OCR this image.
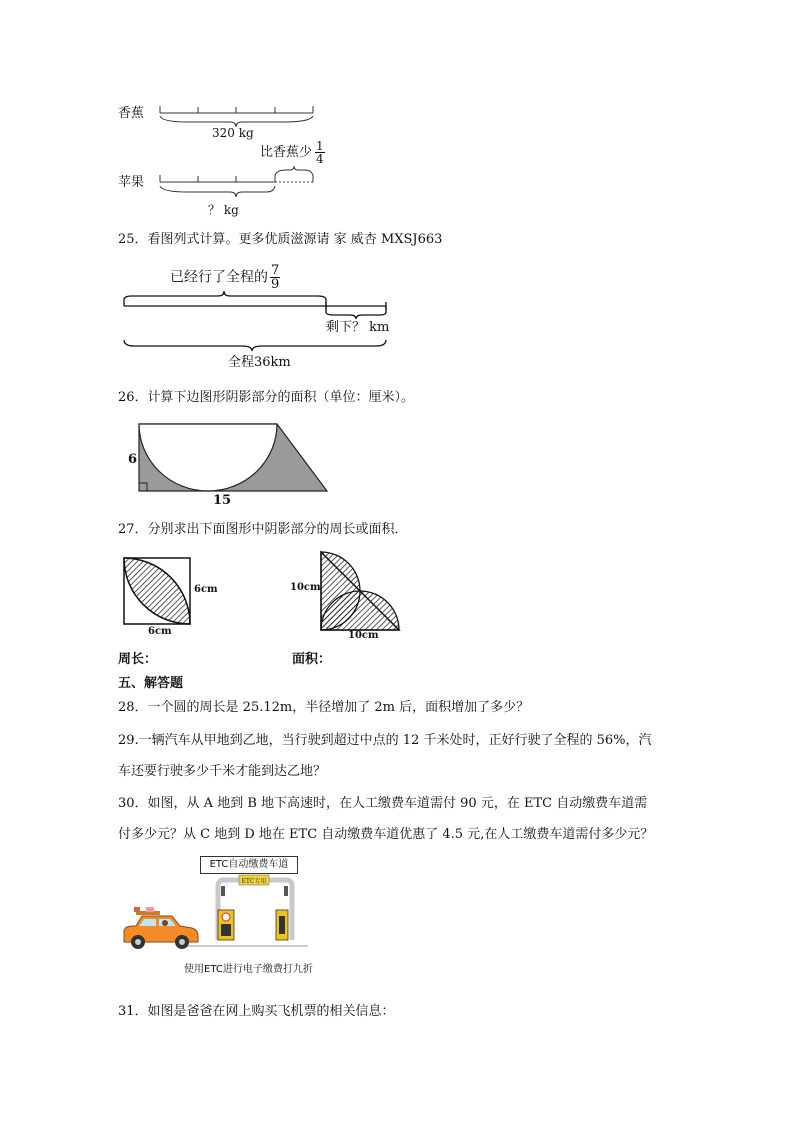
香蕉
苹果
320 kg
？ kg
比香蕉少 $\frac{1}{4}$
25．看图列式计算。更多优质滋源请 家 威杏 MXSJ663
已经行了全程的 $\frac{7}{9}$
剩下？ km
全程36km
26．计算下边图形阴影部分的面积（单位：厘米）。
6
15
27．分别求出下面图形中阴影部分的周长或面积．
6cm
6cm
周长：
10cm
10cm
面积：
五、解答题
28．一个圆的周长是 25.12m，半径增加了 2m 后，面积增加了多少？
29.一辆汽车从甲地到乙地，当行驶到超过中点的 12 千米处时，正好行驶了全程的 56%，汽
车还要行驶多少千米才能到达乙地？
30．如图，从 A 地到 B 地下高速时，在人工缴费车道需付 90 元，在 ETC 自动缴费车道需
付多少元？从 C 地到 D 地在 ETC 自动缴费车道优惠了 4.5 元,在人工缴费车道需付多少元？
ETC自动缴费车道
ETC专用
使用ETC进行电子缴费打九折
31．如图是爸爸在网上购买飞机票的相关信息：
